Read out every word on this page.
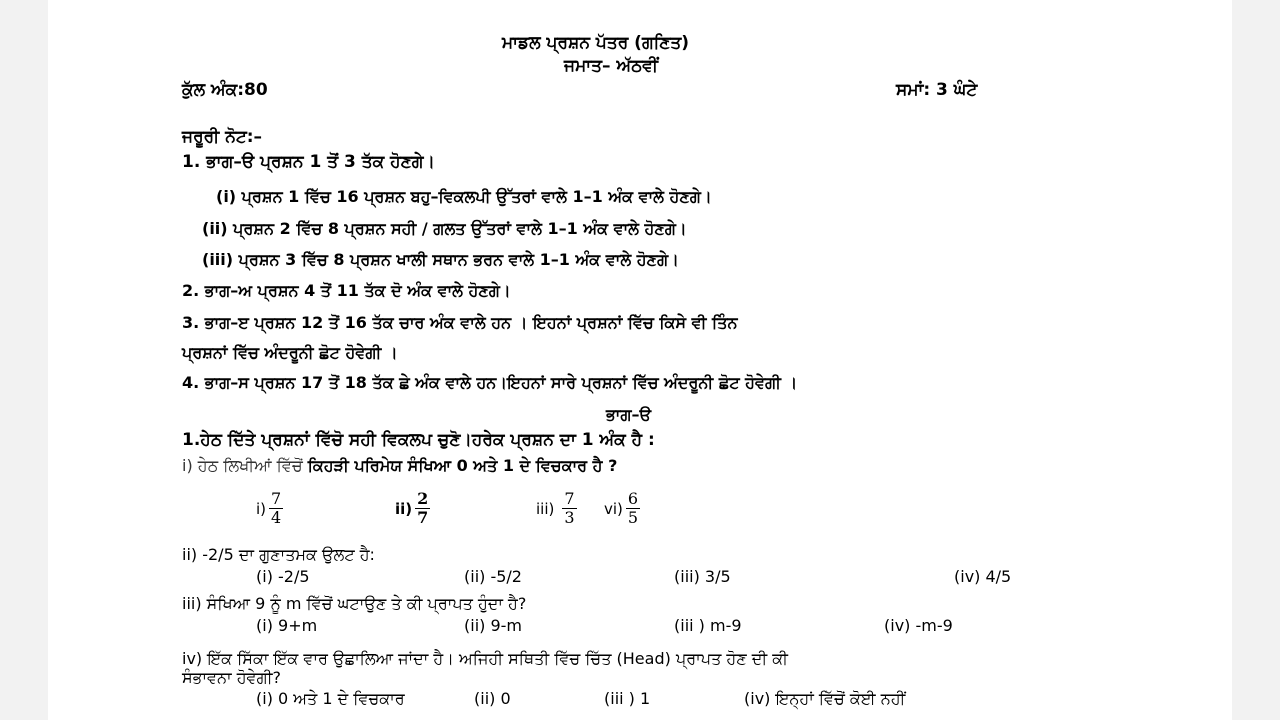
ਮਾਡਲ ਪ੍ਰਸ਼ਨ ਪੱਤਰ (ਗਣਿਤ)
ਜਮਾਤ– ਅੱਠਵੀਂ
ਕੁੱਲ ਅੰਕ:80	ਸਮਾਂ: 3 ਘੰਟੇ
ਜਰੂਰੀ ਨੋਟ:–
1. ਭਾਗ–ੳ ਪ੍ਰਸ਼ਨ 1 ਤੋਂ 3 ਤੱਕ ਹੋਣਗੇ।
(i) ਪ੍ਰਸ਼ਨ 1 ਵਿੱਚ 16 ਪ੍ਰਸ਼ਨ ਬਹੁ–ਵਿਕਲਪੀ ਉੱਤਰਾਂ ਵਾਲੇ 1–1 ਅੰਕ ਵਾਲੇ ਹੋਣਗੇ।
(ii) ਪ੍ਰਸ਼ਨ 2 ਵਿੱਚ 8 ਪ੍ਰਸ਼ਨ ਸਹੀ / ਗਲਤ ਉੱਤਰਾਂ ਵਾਲੇ 1–1 ਅੰਕ ਵਾਲੇ ਹੋਣਗੇ।
(iii) ਪ੍ਰਸ਼ਨ 3 ਵਿੱਚ 8 ਪ੍ਰਸ਼ਨ ਖਾਲੀ ਸਥਾਨ ਭਰਨ ਵਾਲੇ 1–1 ਅੰਕ ਵਾਲੇ ਹੋਣਗੇ।
2. ਭਾਗ–ਅ ਪ੍ਰਸ਼ਨ 4 ਤੋਂ 11 ਤੱਕ ਦੋ ਅੰਕ ਵਾਲੇ ਹੋਣਗੇ।
3. ਭਾਗ–ੲ ਪ੍ਰਸ਼ਨ 12 ਤੋਂ 16 ਤੱਕ ਚਾਰ ਅੰਕ ਵਾਲੇ ਹਨ । ਇਹਨਾਂ ਪ੍ਰਸ਼ਨਾਂ ਵਿੱਚ ਕਿਸੇ ਵੀ ਤਿੰਨ
ਪ੍ਰਸ਼ਨਾਂ ਵਿੱਚ ਅੰਦਰੂਨੀ ਛੋਟ ਹੋਵੇਗੀ ।
4. ਭਾਗ–ਸ ਪ੍ਰਸ਼ਨ 17 ਤੋਂ 18 ਤੱਕ ਛੇ ਅੰਕ ਵਾਲੇ ਹਨ।ਇਹਨਾਂ ਸਾਰੇ ਪ੍ਰਸ਼ਨਾਂ ਵਿੱਚ ਅੰਦਰੂਨੀ ਛੋਟ ਹੋਵੇਗੀ ।
ਭਾਗ–ੳ
1.ਹੇਠ ਦਿੱਤੇ ਪ੍ਰਸ਼ਨਾਂ ਵਿੱਚੋ ਸਹੀ ਵਿਕਲਪ ਚੁਣੋ।ਹਰੇਕ ਪ੍ਰਸ਼ਨ ਦਾ 1 ਅੰਕ ਹੈ :
i) ਹੇਠ ਲਿਖੀਆਂ ਵਿੱਚੋਂ ਕਿਹੜੀ ਪਰਿਮੇਯ ਸੰਖਿਆ 0 ਅਤੇ 1 ਦੇ ਵਿਚਕਾਰ ਹੈ ?
$i) \frac{7}{4}$	$ii) \frac{2}{7}$	$iii) \frac{7}{3} vi) \frac{6}{5}$
ii) -2/5 ਦਾ ਗੁਣਾਤਮਕ ਉਲਟ ਹੈ:
(i) -2/5	(ii) -5/2	(iii) 3/5	(iv) 4/5
iii) ਸੰਖਿਆ 9 ਨੂੰ m ਵਿੱਚੋਂ ਘਟਾਉਣ ਤੇ ਕੀ ਪ੍ਰਾਪਤ ਹੁੰਦਾ ਹੈ?
(i) 9+m	(ii) 9-m	(iii ) m-9	(iv) -m-9
iv) ਇੱਕ ਸਿੱਕਾ ਇੱਕ ਵਾਰ ਉਛਾਲਿਆ ਜਾਂਦਾ ਹੈ। ਅਜਿਹੀ ਸਥਿਤੀ ਵਿੱਚ ਚਿੱਤ (Head) ਪ੍ਰਾਪਤ ਹੋਣ ਦੀ ਕੀ
ਸੰਭਾਵਨਾ ਹੋਵੇਗੀ?
(i) 0 ਅਤੇ 1 ਦੇ ਵਿਚਕਾਰ	(ii) 0	(iii ) 1	(iv) ਇਨ੍ਹਾਂ ਵਿੱਚੋਂ ਕੋਈ ਨਹੀਂ
